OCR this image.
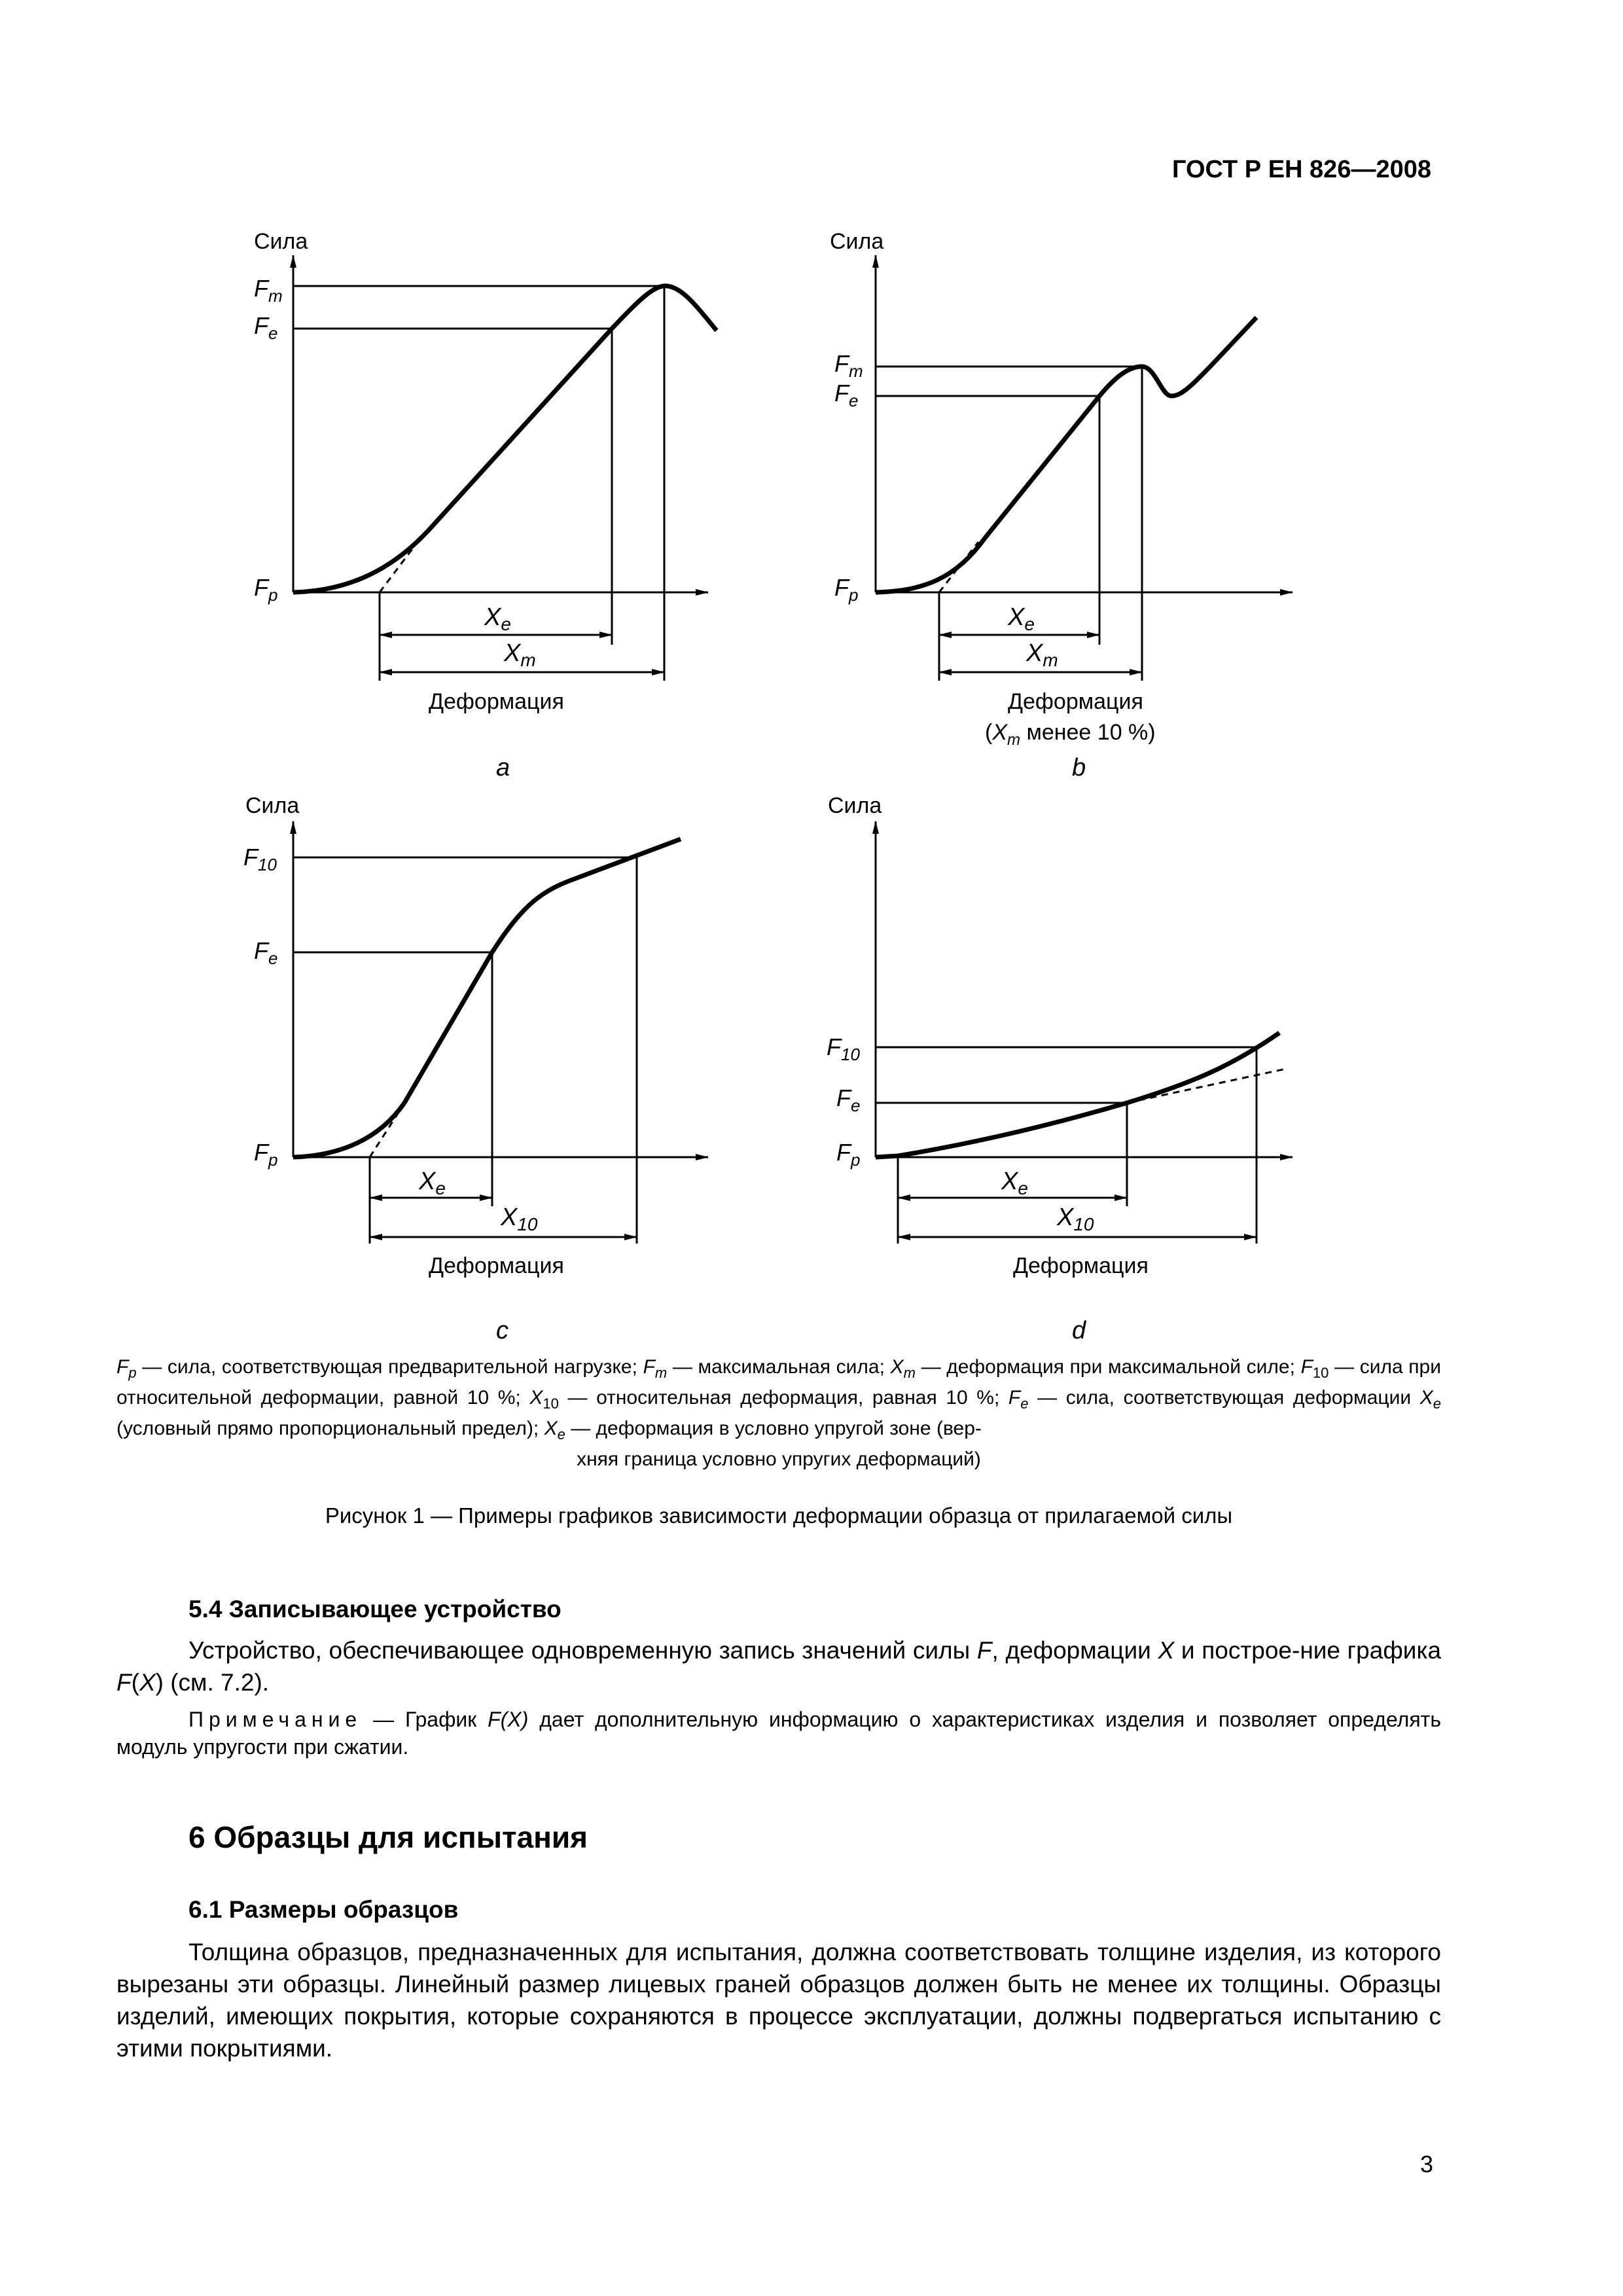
ГОСТ Р ЕН 826—2008
Сила
$F_m$
$F_e$
$F_p$
$X_e$
$X_m$
Деформация
a
Сила
$F_m$
$F_e$
$F_p$
$X_e$
$X_m$
Деформация
($X_m$ менее 10 %)
b
Сила
$F_{10}$
$F_e$
$F_p$
$X_e$
$X_{10}$
Деформация
c
Сила
$F_{10}$
$F_e$
$F_p$
$X_e$
$X_{10}$
Деформация
d
$F_p$ — сила, соответствующая предварительной нагрузке; $F_m$ — максимальная сила; $X_m$ — деформация при максимальной силе; $F_{10}$ — сила при относительной деформации, равной 10 %; $X_{10}$ — относительная деформация, равная 10 %; $F_e$ — сила, соответствующая деформации $X_e$ (условный прямо пропорциональный предел); $X_e$ — деформация в условно упругой зоне (вер-
хняя граница условно упругих деформаций)
Рисунок 1 — Примеры графиков зависимости деформации образца от прилагаемой силы
5.4 Записывающее устройство
Устройство, обеспечивающее одновременную запись значений силы F, деформации X и построе-ние графика F(X) (см. 7.2).
Примечание — График F(X) дает дополнительную информацию о характеристиках изделия и позволяет определять модуль упругости при сжатии.
6 Образцы для испытания
6.1 Размеры образцов
Толщина образцов, предназначенных для испытания, должна соответствовать толщине изделия, из которого вырезаны эти образцы. Линейный размер лицевых граней образцов должен быть не менее их толщины. Образцы изделий, имеющих покрытия, которые сохраняются в процессе эксплуатации, должны подвергаться испытанию с этими покрытиями.
3
